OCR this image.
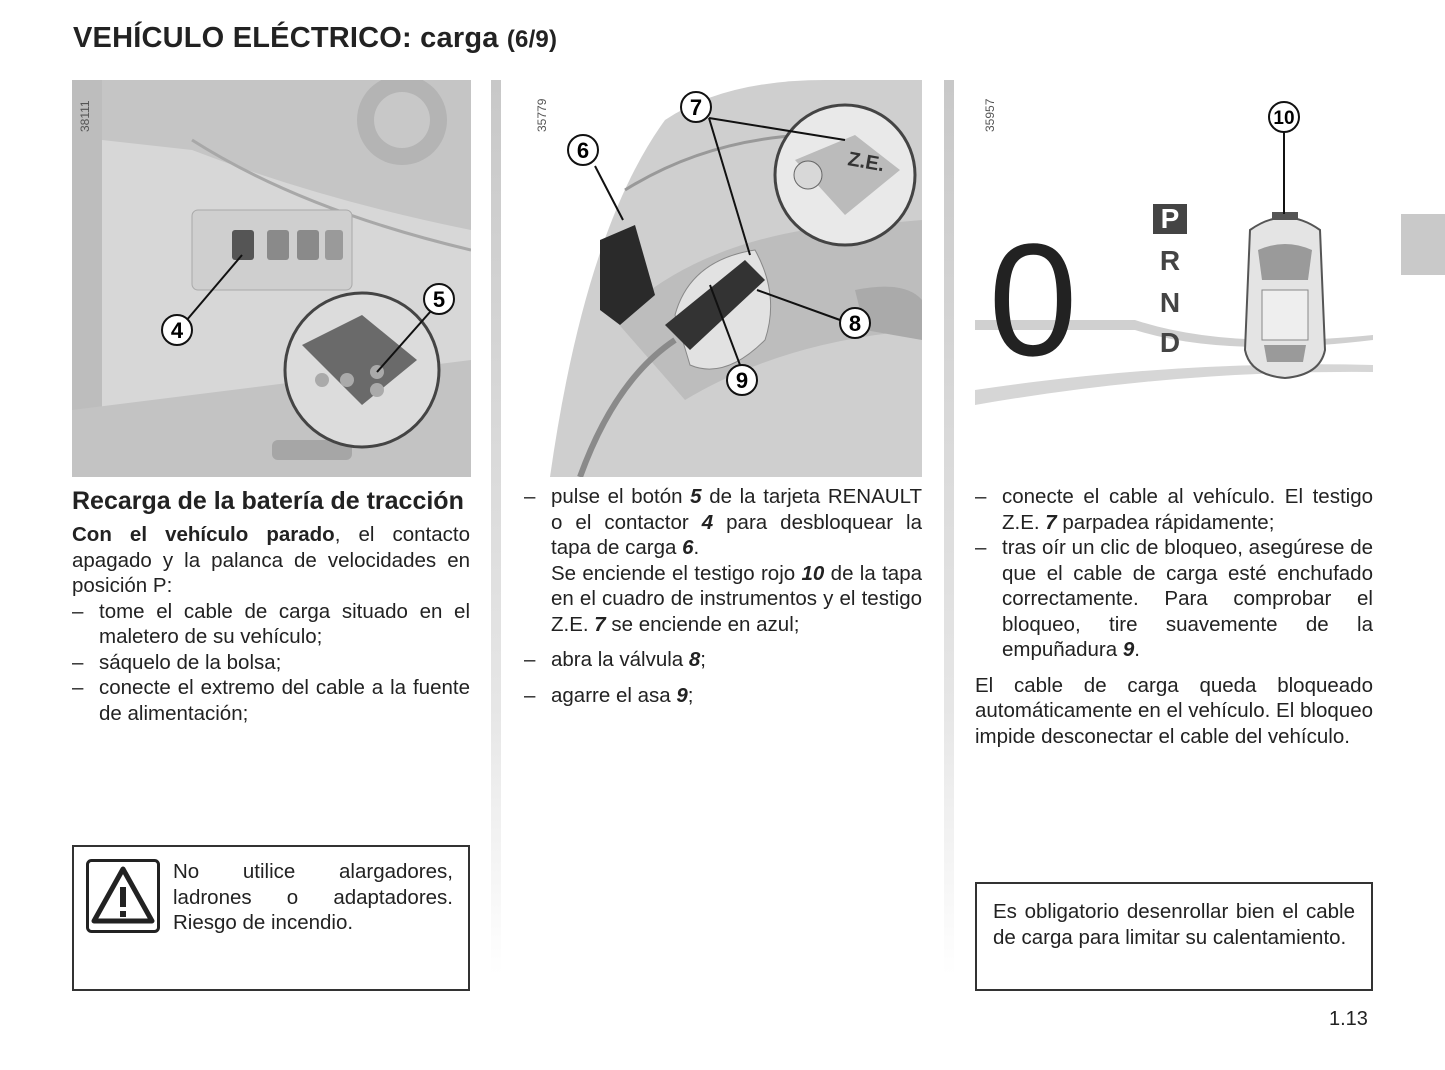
VEHÍCULO ELÉCTRICO: carga (6/9)
4
5
38111
Z.E.
6
7
8
9
35779
0	P
R
N
D
10
35957

Recarga de la batería de tracción

Con el vehículo parado, el contacto apagado y la palanca de velocidades en posición P:

– tome el cable de carga situado en el maletero de su vehículo;
– sáquelo de la bolsa;
– conecte el extremo del cable a la fuente de alimentación;

No utilice alargadores, ladrones o adaptadores. Riesgo de incendio.

– pulse el botón 5 de la tarjeta RENAULT o el contactor 4 para desbloquear la tapa de carga 6.
Se enciende el testigo rojo 10 de la tapa en el cuadro de instrumentos y el testigo Z.E. 7 se enciende en azul;
– abra la válvula 8;
– agarre el asa 9;
– conecte el cable al vehículo. El testigo Z.E. 7 parpadea rápidamente;
– tras oír un clic de bloqueo, asegúrese de que el cable de carga esté enchufado correctamente. Para comprobar el bloqueo, tire suavemente de la empuñadura 9.

El cable de carga queda bloqueado automáticamente en el vehículo. El bloqueo impide desconectar el cable del vehículo.

Es obligatorio desenrollar bien el cable de carga para limitar su calentamiento.

1.13
